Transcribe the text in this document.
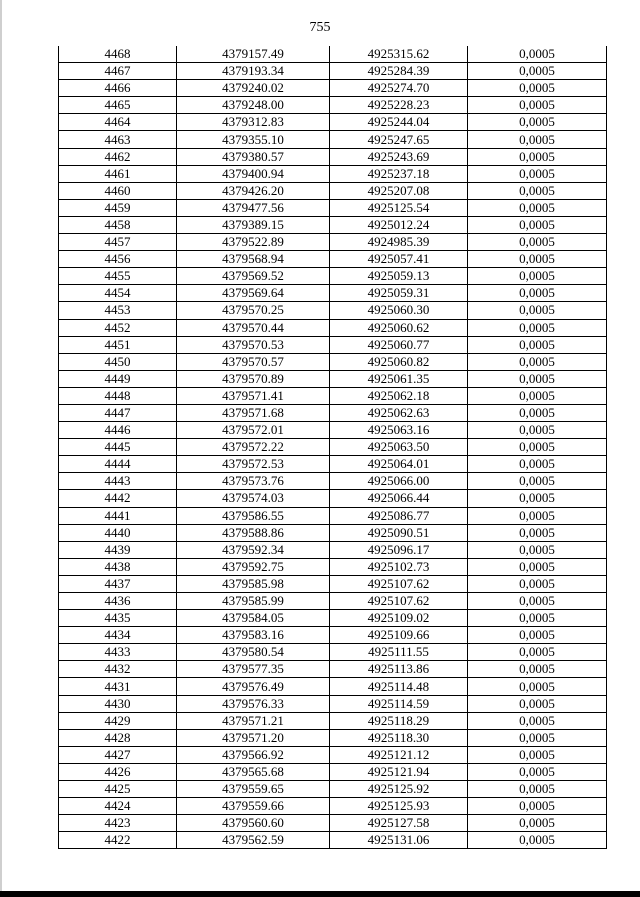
755
4468	4379157.49	4925315.62	0,0005
4467	4379193.34	4925284.39	0,0005
4466	4379240.02	4925274.70	0,0005
4465	4379248.00	4925228.23	0,0005
4464	4379312.83	4925244.04	0,0005
4463	4379355.10	4925247.65	0,0005
4462	4379380.57	4925243.69	0,0005
4461	4379400.94	4925237.18	0,0005
4460	4379426.20	4925207.08	0,0005
4459	4379477.56	4925125.54	0,0005
4458	4379389.15	4925012.24	0,0005
4457	4379522.89	4924985.39	0,0005
4456	4379568.94	4925057.41	0,0005
4455	4379569.52	4925059.13	0,0005
4454	4379569.64	4925059.31	0,0005
4453	4379570.25	4925060.30	0,0005
4452	4379570.44	4925060.62	0,0005
4451	4379570.53	4925060.77	0,0005
4450	4379570.57	4925060.82	0,0005
4449	4379570.89	4925061.35	0,0005
4448	4379571.41	4925062.18	0,0005
4447	4379571.68	4925062.63	0,0005
4446	4379572.01	4925063.16	0,0005
4445	4379572.22	4925063.50	0,0005
4444	4379572.53	4925064.01	0,0005
4443	4379573.76	4925066.00	0,0005
4442	4379574.03	4925066.44	0,0005
4441	4379586.55	4925086.77	0,0005
4440	4379588.86	4925090.51	0,0005
4439	4379592.34	4925096.17	0,0005
4438	4379592.75	4925102.73	0,0005
4437	4379585.98	4925107.62	0,0005
4436	4379585.99	4925107.62	0,0005
4435	4379584.05	4925109.02	0,0005
4434	4379583.16	4925109.66	0,0005
4433	4379580.54	4925111.55	0,0005
4432	4379577.35	4925113.86	0,0005
4431	4379576.49	4925114.48	0,0005
4430	4379576.33	4925114.59	0,0005
4429	4379571.21	4925118.29	0,0005
4428	4379571.20	4925118.30	0,0005
4427	4379566.92	4925121.12	0,0005
4426	4379565.68	4925121.94	0,0005
4425	4379559.65	4925125.92	0,0005
4424	4379559.66	4925125.93	0,0005
4423	4379560.60	4925127.58	0,0005
4422	4379562.59	4925131.06	0,0005
